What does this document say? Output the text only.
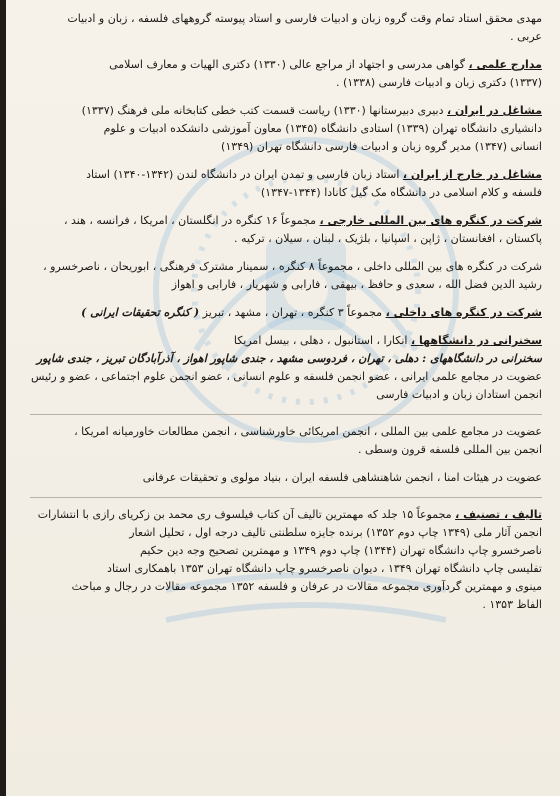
مهدی محقق استاد تمام وقت گروه زبان و ادبیات فارسی و استاد پیوسته گروههای فلسفه ، زبان و ادبیات
عربی .
مدارج علمی ، گواهی مدرسی و اجتهاد از مراجع عالی (۱۳۳۰) دکتری الهیات و معارف اسلامی
(۱۳۳۷) دکتری زبان و ادبیات فارسی (۱۳۳۸) .
مشاغل در ایران ، دبیری دبیرستانها (۱۳۳۰) ریاست قسمت کتب خطی کتابخانه ملی فرهنگ (۱۳۳۷)
دانشیاری دانشگاه تهران (۱۳۳۹) استادی دانشگاه (۱۳۴۵) معاون آموزشی دانشکده ادبیات و علوم
انسانی (۱۳۴۷) مدیر گروه زبان و ادبیات فارسی دانشگاه تهران (۱۳۴۹)
مشاغل در خارج از ایران ، استاد زبان فارسی و تمدن ایران در دانشگاه لندن (۱۳۴۲-۱۳۴۰) استاد
فلسفه و کلام اسلامی در دانشگاه مک گیل کانادا (۱۳۴۴-۱۳۴۷)
شرکت در کنگره های بین المللی خارجی ، مجموعاً ۱۶ کنگره در انگلستان ، امریکا ، فرانسه ، هند ،
پاکستان ، افغانستان ، ژاپن ، اسپانیا ، بلژیک ، لبنان ، سیلان ، ترکیه .
شرکت در کنگره های بین المللی داخلی ، مجموعاً ۸ کنگره ، سمینار مشترک فرهنگی ، ابوریحان ، ناصرخسرو ،
رشید الدین فضل الله ، سعدی و حافظ ، بیهقی ، فارابی و شهریار ، فارابی و اهواز
شرکت در کنگره های داخلی ، مجموعاً ۳ کنگره ، تهران ، مشهد ، تبریز ( کنگره تحقیقات ایرانی )
سخنرانی در دانشگاهها ، انکارا ، استانبول ، دهلی ، بیسل امریکا
سخنرانی در دانشگاههای : دهلی ، تهران ، فردوسی مشهد ، جندی شاپور اهواز ، آذرآبادگان تبریز ، جندی شاپور
عضویت در مجامع علمی ایرانی ، عضو انجمن فلسفه و علوم انسانی ، عضو انجمن علوم اجتماعی ، عضو و رئیس
انجمن استادان زبان و ادبیات فارسی
عضویت در مجامع علمی بین المللی ، انجمن امریکائی خاورشناسی ، انجمن مطالعات خاورمیانه امریکا ،
انجمن بین المللی فلسفه قرون وسطی .
عضویت در هیئات امنا ، انجمن شاهنشاهی فلسفه ایران ، بنیاد مولوی و تحقیقات عرفانی
تالیف ، تصنیف ، مجموعاً ۱۵ جلد که مهمترین تالیف آن کتاب فیلسوف ری محمد بن زکریای رازی با انتشارات
انجمن آثار ملی (۱۳۴۹ چاپ دوم ۱۳۵۲) برنده جایزه سلطنتی تالیف درجه اول ، تحلیل اشعار
ناصرخسرو چاپ دانشگاه تهران (۱۳۴۴) چاپ دوم ۱۳۴۹ و مهمترین تصحیح وجه دین حکیم
تفلیسی چاپ دانشگاه تهران ۱۳۴۹ ، دیوان ناصرخسرو چاپ دانشگاه تهران ۱۳۵۳ باهمکاری استاد
مینوی و مهمترین گردآوری مجموعه مقالات در عرفان و فلسفه ۱۳۵۲ مجموعه مقالات در رجال و مباحث
الفاظ ۱۳۵۳ .
